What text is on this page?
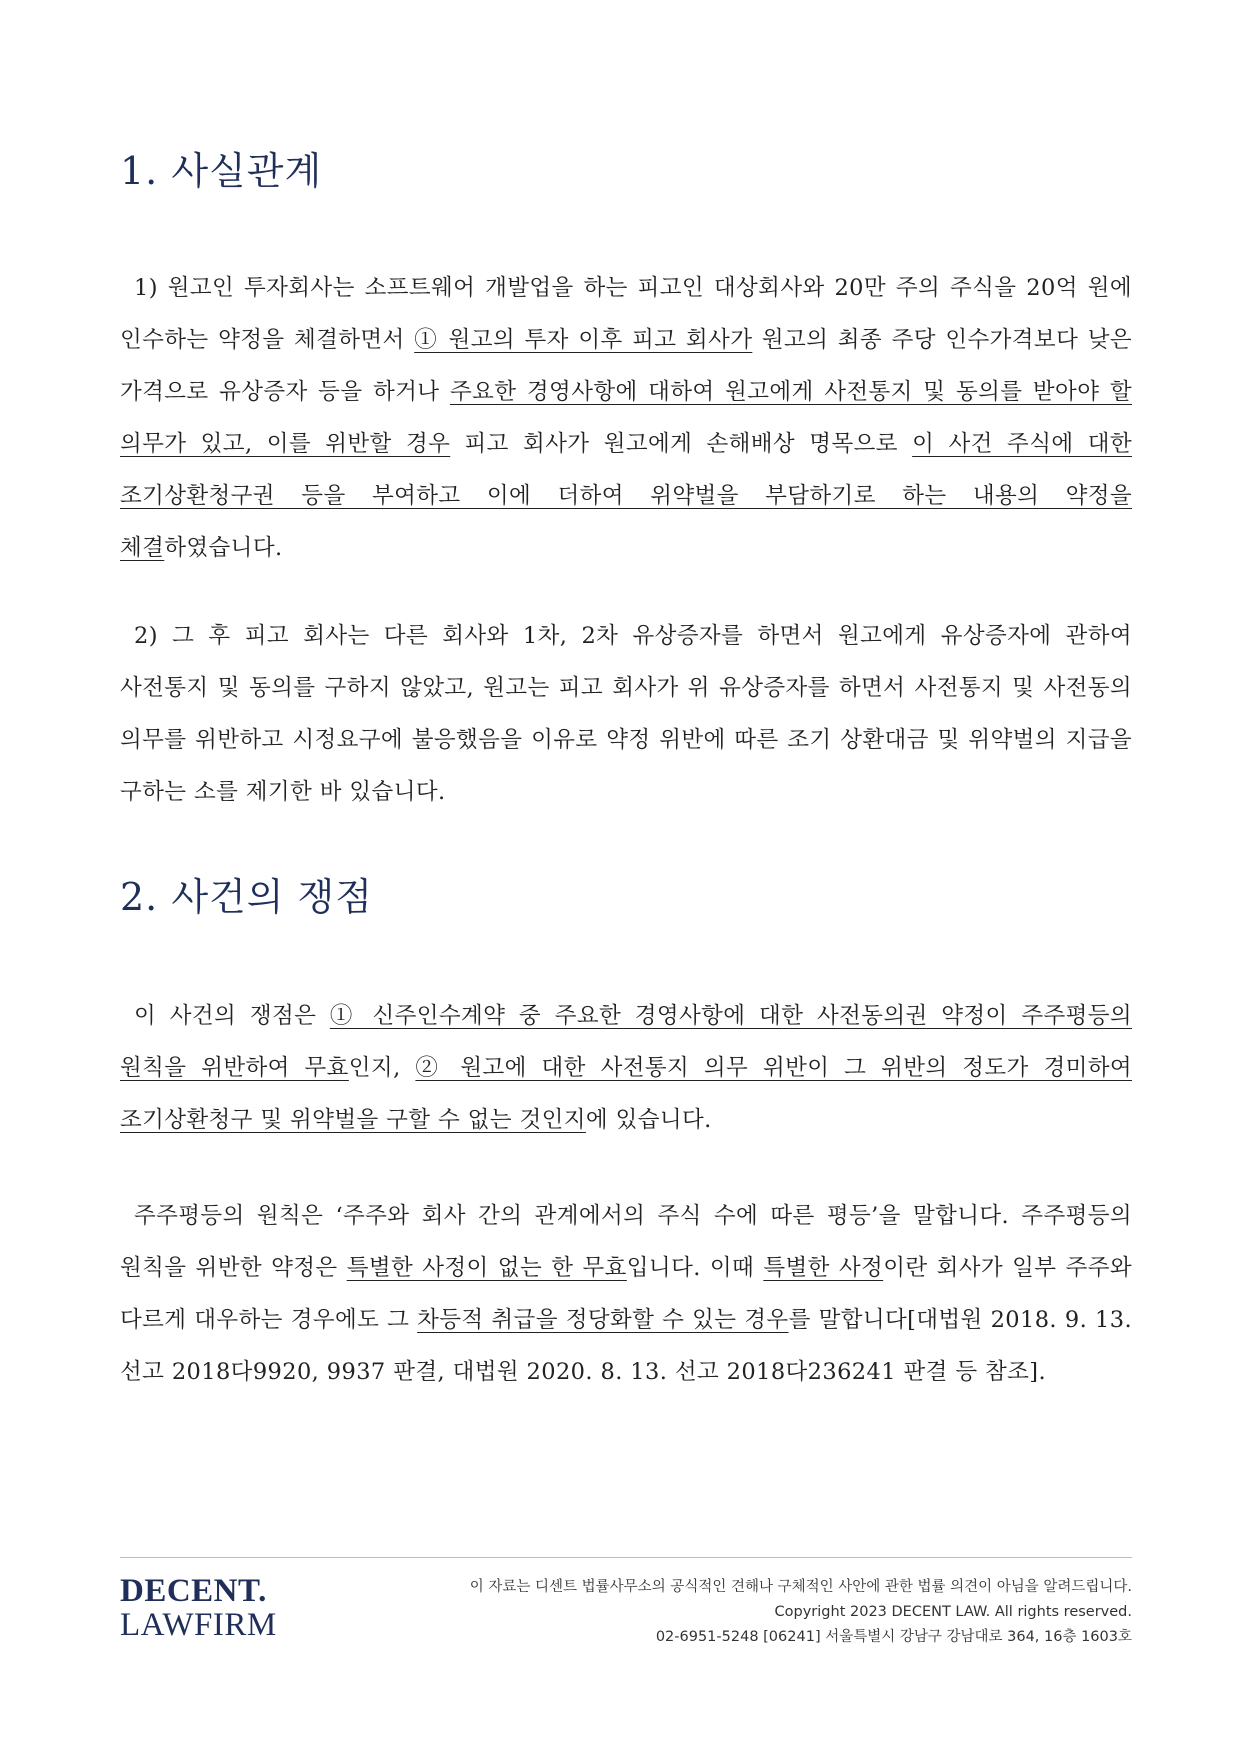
1. 사실관계

1) 원고인 투자회사는 소프트웨어 개발업을 하는 피고인 대상회사와 20만 주의 주식을 20억 원에 인수하는 약정을 체결하면서 ① 원고의 투자 이후 피고 회사가 원고의 최종 주당 인수가격보다 낮은 가격으로 유상증자 등을 하거나 주요한 경영사항에 대하여 원고에게 사전통지 및 동의를 받아야 할 의무가 있고, 이를 위반할 경우 피고 회사가 원고에게 손해배상 명목으로 이 사건 주식에 대한 조기상환청구권 등을 부여하고 이에 더하여 위약벌을 부담하기로 하는 내용의 약정을 체결하였습니다.

2) 그 후 피고 회사는 다른 회사와 1차, 2차 유상증자를 하면서 원고에게 유상증자에 관하여 사전통지 및 동의를 구하지 않았고, 원고는 피고 회사가 위 유상증자를 하면서 사전통지 및 사전동의 의무를 위반하고 시정요구에 불응했음을 이유로 약정 위반에 따른 조기 상환대금 및 위약벌의 지급을 구하는 소를 제기한 바 있습니다.

2. 사건의 쟁점

이 사건의 쟁점은 ① 신주인수계약 중 주요한 경영사항에 대한 사전동의권 약정이 주주평등의 원칙을 위반하여 무효인지, ② 원고에 대한 사전통지 의무 위반이 그 위반의 정도가 경미하여 조기상환청구 및 위약벌을 구할 수 없는 것인지에 있습니다.

주주평등의 원칙은 ‘주주와 회사 간의 관계에서의 주식 수에 따른 평등’을 말합니다. 주주평등의 원칙을 위반한 약정은 특별한 사정이 없는 한 무효입니다. 이때 특별한 사정이란 회사가 일부 주주와 다르게 대우하는 경우에도 그 차등적 취급을 정당화할 수 있는 경우를 말합니다[대법원 2018. 9. 13. 선고 2018다9920, 9937 판결, 대법원 2020. 8. 13. 선고 2018다236241 판결 등 참조].

DECENT.
LAWFIRM
이 자료는 디센트 법률사무소의 공식적인 견해나 구체적인 사안에 관한 법률 의견이 아님을 알려드립니다.
Copyright 2023 DECENT LAW. All rights reserved.
02-6951-5248 [06241] 서울특별시 강남구 강남대로 364, 16층 1603호
